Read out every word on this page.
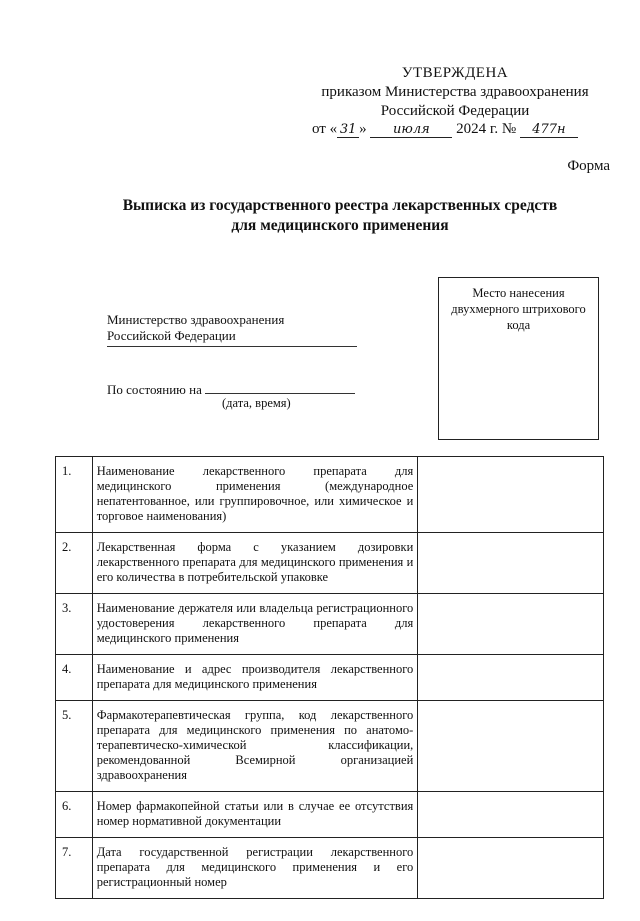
УТВЕРЖДЕНА
приказом Министерства здравоохранения
Российской Федерации
от « 31 » июля 2024 г. № 477н
Форма
Выписка из государственного реестра лекарственных средств
для медицинского применения
Место нанесения
двухмерного штрихового
кода
Министерство здравоохранения
Российской Федерации
По состоянию на
(дата, время)
1.	Наименование лекарственного препарата для медицинского применения (международное непатентованное, или группировочное, или химическое и торговое наименования)	
2.	Лекарственная форма с указанием дозировки лекарственного препарата для медицинского применения и его количества в потребительской упаковке	
3.	Наименование держателя или владельца регистрационного удостоверения лекарственного препарата для медицинского применения	
4.	Наименование и адрес производителя лекарственного препарата для медицинского применения	
5.	Фармакотерапевтическая группа, код лекарственного препарата для медицинского применения по анатомо-терапевтическо-химической классификации, рекомендованной Всемирной организацией здравоохранения	
6.	Номер фармакопейной статьи или в случае ее отсутствия номер нормативной документации	
7.	Дата государственной регистрации лекарственного препарата для медицинского применения и его регистрационный номер	
